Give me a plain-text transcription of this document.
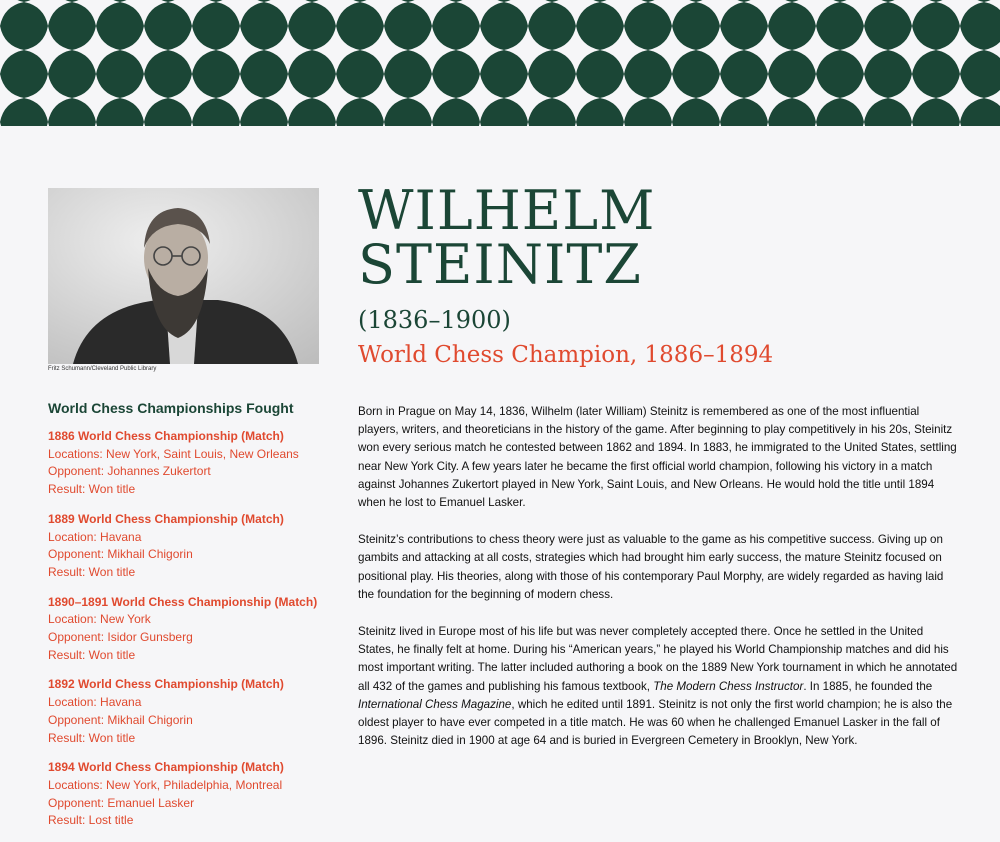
Fritz Schumann/Cleveland Public Library
WILHELM
STEINITZ
(1836–1900)
World Chess Champion, 1886–1894
World Chess Championships Fought
1886 World Chess Championship (Match)
Locations: New York, Saint Louis, New Orleans
Opponent: Johannes Zukertort
Result: Won title
1889 World Chess Championship (Match)
Location: Havana
Opponent: Mikhail Chigorin
Result: Won title
1890–1891 World Chess Championship (Match)
Location: New York
Opponent: Isidor Gunsberg
Result: Won title
1892 World Chess Championship (Match)
Location: Havana
Opponent: Mikhail Chigorin
Result: Won title
1894 World Chess Championship (Match)
Locations: New York, Philadelphia, Montreal
Opponent: Emanuel Lasker
Result: Lost title

Born in Prague on May 14, 1836, Wilhelm (later William) Steinitz is remembered as one of the most influential players, writers, and theoreticians in the history of the game. After beginning to play competitively in his 20s, Steinitz won every serious match he contested between 1862 and 1894. In 1883, he immigrated to the United States, settling near New York City. A few years later he became the first official world champion, following his victory in a match against Johannes Zukertort played in New York, Saint Louis, and New Orleans. He would hold the title until 1894 when he lost to Emanuel Lasker.

Steinitz’s contributions to chess theory were just as valuable to the game as his competitive success. Giving up on gambits and attacking at all costs, strategies which had brought him early success, the mature Steinitz focused on positional play. His theories, along with those of his contemporary Paul Morphy, are widely regarded as having laid the foundation for the beginning of modern chess.

Steinitz lived in Europe most of his life but was never completely accepted there. Once he settled in the United States, he finally felt at home. During his “American years,” he played his World Championship matches and did his most important writing. The latter included authoring a book on the 1889 New York tournament in which he annotated all 432 of the games and publishing his famous textbook, The Modern Chess Instructor. In 1885, he founded the International Chess Magazine, which he edited until 1891. Steinitz is not only the first world champion; he is also the oldest player to have ever competed in a title match. He was 60 when he challenged Emanuel Lasker in the fall of 1896. Steinitz died in 1900 at age 64 and is buried in Evergreen Cemetery in Brooklyn, New York.
